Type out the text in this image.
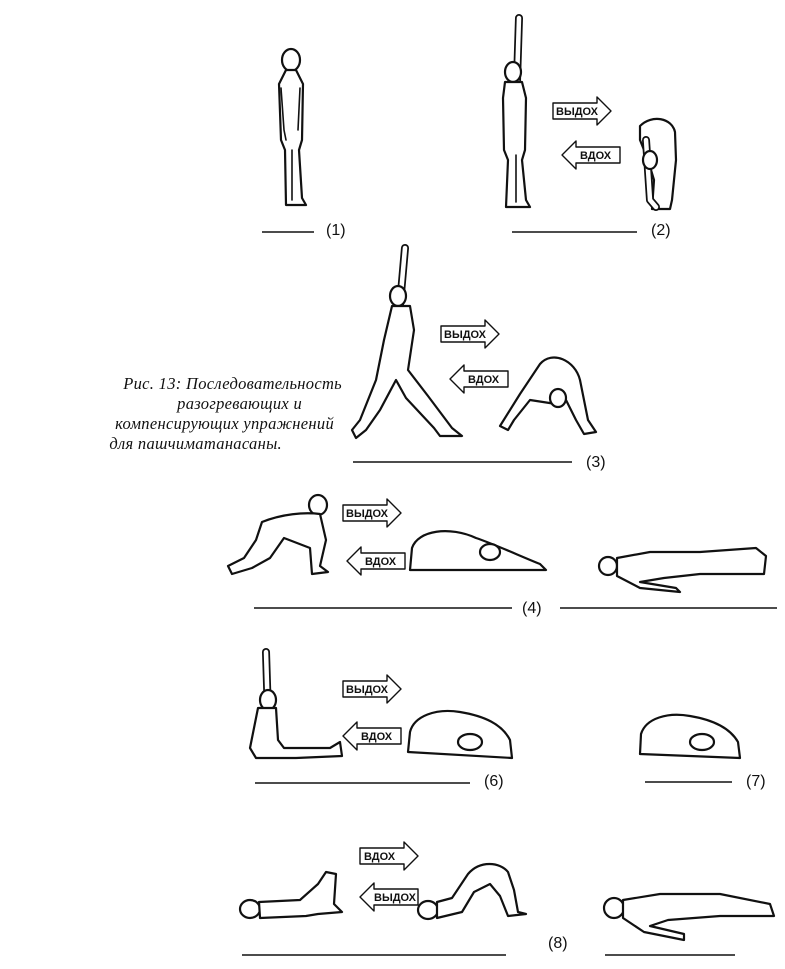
Рис. 13: Последовательность
разогревающих и
компенсирующих упражнений
для пашчиматанасаны.
(1)	(2)
(3)
(4)
(6)	(7)
(8)
ВЫДОХ
ВДОХ
ВЫДОХ
ВДОХ
ВЫДОХ
ВДОХ
ВЫДОХ
ВДОХ
ВДОХ
ВЫДОХ
